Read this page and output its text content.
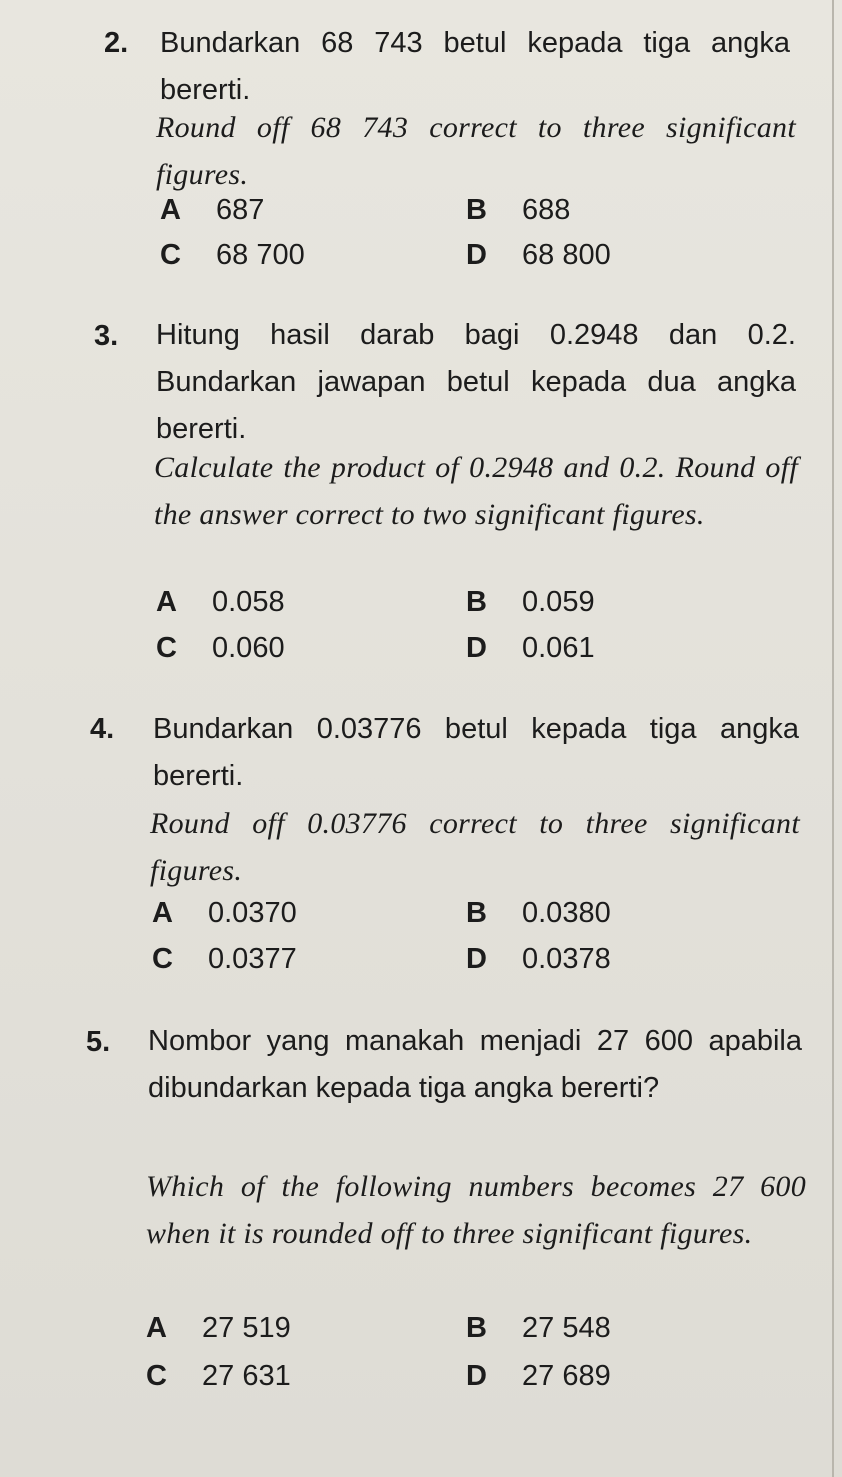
2. Bundarkan 68 743 betul kepada tiga angka bererti.

Round off 68 743 correct to three significant figures.

A 687	B 688
C 68 700	D 68 800
3. Hitung hasil darab bagi 0.2948 dan 0.2. Bundarkan jawapan betul kepada dua angka bererti.

Calculate the product of 0.2948 and 0.2. Round off the answer correct to two significant figures.

A 0.058	B 0.059
C 0.060	D 0.061
4. Bundarkan 0.03776 betul kepada tiga angka bererti.

Round off 0.03776 correct to three significant figures.

A 0.0370	B 0.0380
C 0.0377	D 0.0378
5. Nombor yang manakah menjadi 27 600 apabila dibundarkan kepada tiga angka bererti?

Which of the following numbers becomes 27 600 when it is rounded off to three significant figures.

A 27 519	B 27 548
C 27 631	D 27 689
